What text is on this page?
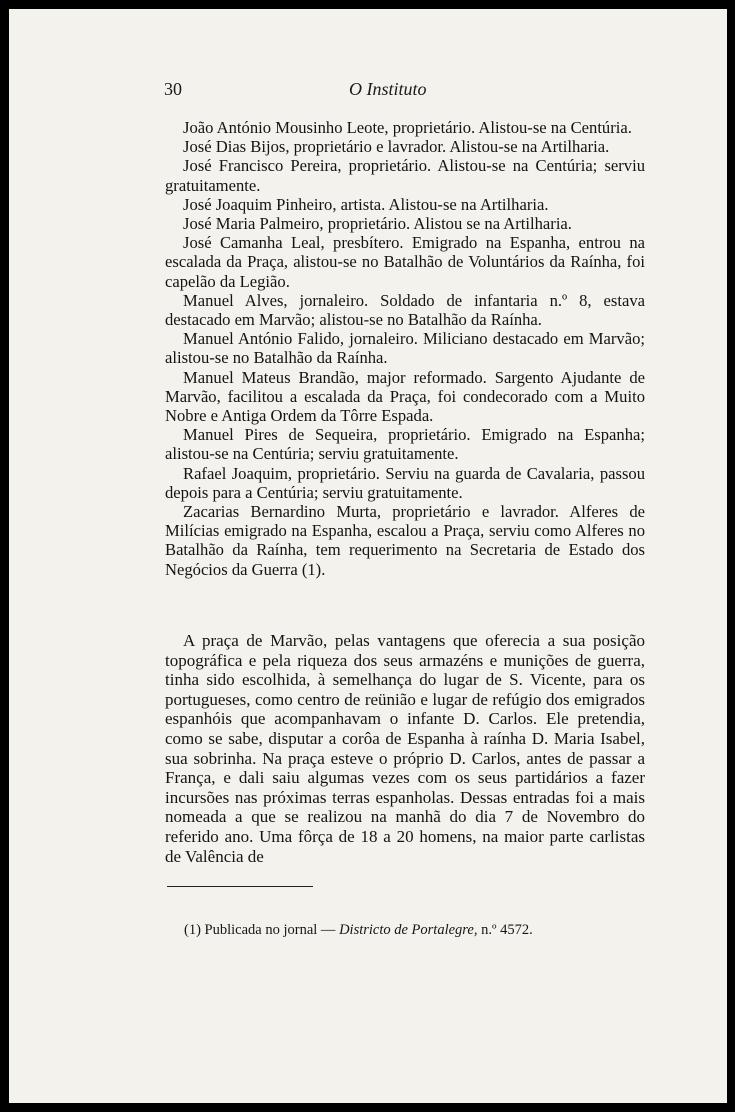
30	O Instituto

João António Mousinho Leote, proprietário. Alistou-se na Centúria.

José Dias Bijos, proprietário e lavrador. Alistou-se na Artilharia.

José Francisco Pereira, proprietário. Alistou-se na Centúria; serviu gratuitamente.

José Joaquim Pinheiro, artista. Alistou-se na Artilharia.

José Maria Palmeiro, proprietário. Alistou se na Artilharia.

José Camanha Leal, presbítero. Emigrado na Espanha, entrou na escalada da Praça, alistou-se no Batalhão de Voluntários da Raínha, foi capelão da Legião.

Manuel Alves, jornaleiro. Soldado de infantaria n.º 8, estava destacado em Marvão; alistou-se no Batalhão da Raínha.

Manuel António Falido, jornaleiro. Miliciano destacado em Marvão; alistou-se no Batalhão da Raínha.

Manuel Mateus Brandão, major reformado. Sargento Ajudante de Marvão, facilitou a escalada da Praça, foi condecorado com a Muito Nobre e Antiga Ordem da Tôrre Espada.

Manuel Pires de Sequeira, proprietário. Emigrado na Espanha; alistou-se na Centúria; serviu gratuitamente.

Rafael Joaquim, proprietário. Serviu na guarda de Cavalaria, passou depois para a Centúria; serviu gratuitamente.

Zacarias Bernardino Murta, proprietário e lavrador. Alferes de Milícias emigrado na Espanha, escalou a Praça, serviu como Alferes no Batalhão da Raínha, tem requerimento na Secretaria de Estado dos Negócios da Guerra (1).

A praça de Marvão, pelas vantagens que oferecia a sua posição topográfica e pela riqueza dos seus armazéns e munições de guerra, tinha sido escolhida, à semelhança do lugar de S. Vicente, para os portugueses, como centro de reünião e lugar de refúgio dos emigrados espanhóis que acompanhavam o infante D. Carlos. Ele pretendia, como se sabe, disputar a corôa de Espanha à raínha D. Maria Isabel, sua sobrinha. Na praça esteve o próprio D. Carlos, antes de passar a França, e dali saiu algumas vezes com os seus partidários a fazer incursões nas próximas terras espanholas. Dessas entradas foi a mais nomeada a que se realizou na manhã do dia 7 de Novembro do referido ano. Uma fôrça de 18 a 20 homens, na maior parte carlistas de Valência de

(1) Publicada no jornal — Districto de Portalegre, n.º 4572.
